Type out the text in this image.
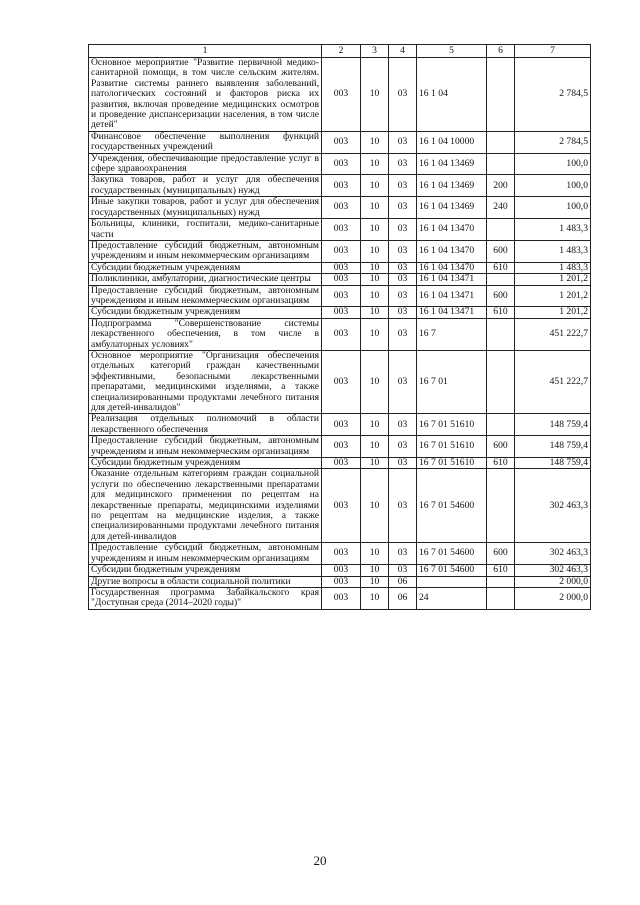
1	2	3	4	5	6	7
Основное мероприятие "Развитие первичной медико-санитарной помощи, в том числе сельским жителям. Развитие системы раннего выявления заболеваний, патологических состояний и факторов риска их развития, включая проведение медицинских осмотров и проведение диспансеризации населения, в том числе детей"	003	10	03	16 1 04		2 784,5
Финансовое обеспечение выполнения функций государственных учреждений	003	10	03	16 1 04 10000		2 784,5
Учреждения, обеспечивающие предоставление услуг в сфере здравоохранения	003	10	03	16 1 04 13469		100,0
Закупка товаров, работ и услуг для обеспечения государственных (муниципальных) нужд	003	10	03	16 1 04 13469	200	100,0
Иные закупки товаров, работ и услуг для обеспечения государственных (муниципальных) нужд	003	10	03	16 1 04 13469	240	100,0
Больницы, клиники, госпитали, медико-санитарные части	003	10	03	16 1 04 13470		1 483,3
Предоставление субсидий бюджетным, автономным учреждениям и иным некоммерческим организациям	003	10	03	16 1 04 13470	600	1 483,3
Субсидии бюджетным учреждениям	003	10	03	16 1 04 13470	610	1 483,3
Поликлиники, амбулатории, диагностические центры	003	10	03	16 1 04 13471		1 201,2
Предоставление субсидий бюджетным, автономным учреждениям и иным некоммерческим организациям	003	10	03	16 1 04 13471	600	1 201,2
Субсидии бюджетным учреждениям	003	10	03	16 1 04 13471	610	1 201,2
Подпрограмма "Совершенствование системы лекарственного обеспечения, в том числе в амбулаторных условиях"	003	10	03	16 7		451 222,7
Основное мероприятие "Организация обеспечения отдельных категорий граждан качественными эффективными, безопасными лекарственными препаратами, медицинскими изделиями, а также специализированными продуктами лечебного питания для детей-инвалидов"	003	10	03	16 7 01		451 222,7
Реализация отдельных полномочий в области лекарственного обеспечения	003	10	03	16 7 01 51610		148 759,4
Предоставление субсидий бюджетным, автономным учреждениям и иным некоммерческим организациям	003	10	03	16 7 01 51610	600	148 759,4
Субсидии бюджетным учреждениям	003	10	03	16 7 01 51610	610	148 759,4
Оказание отдельным категориям граждан социальной услуги по обеспечению лекарственными препаратами для медицинского применения по рецептам на лекарственные препараты, медицинскими изделиями по рецептам на медицинские изделия, а также специализированными продуктами лечебного питания для детей-инвалидов	003	10	03	16 7 01 54600		302 463,3
Предоставление субсидий бюджетным, автономным учреждениям и иным некоммерческим организациям	003	10	03	16 7 01 54600	600	302 463,3
Субсидии бюджетным учреждениям	003	10	03	16 7 01 54600	610	302 463,3
Другие вопросы в области социальной политики	003	10	06			2 000,0
Государственная программа Забайкальского края "Доступная среда (2014–2020 годы)"	003	10	06	24		2 000,0
20
